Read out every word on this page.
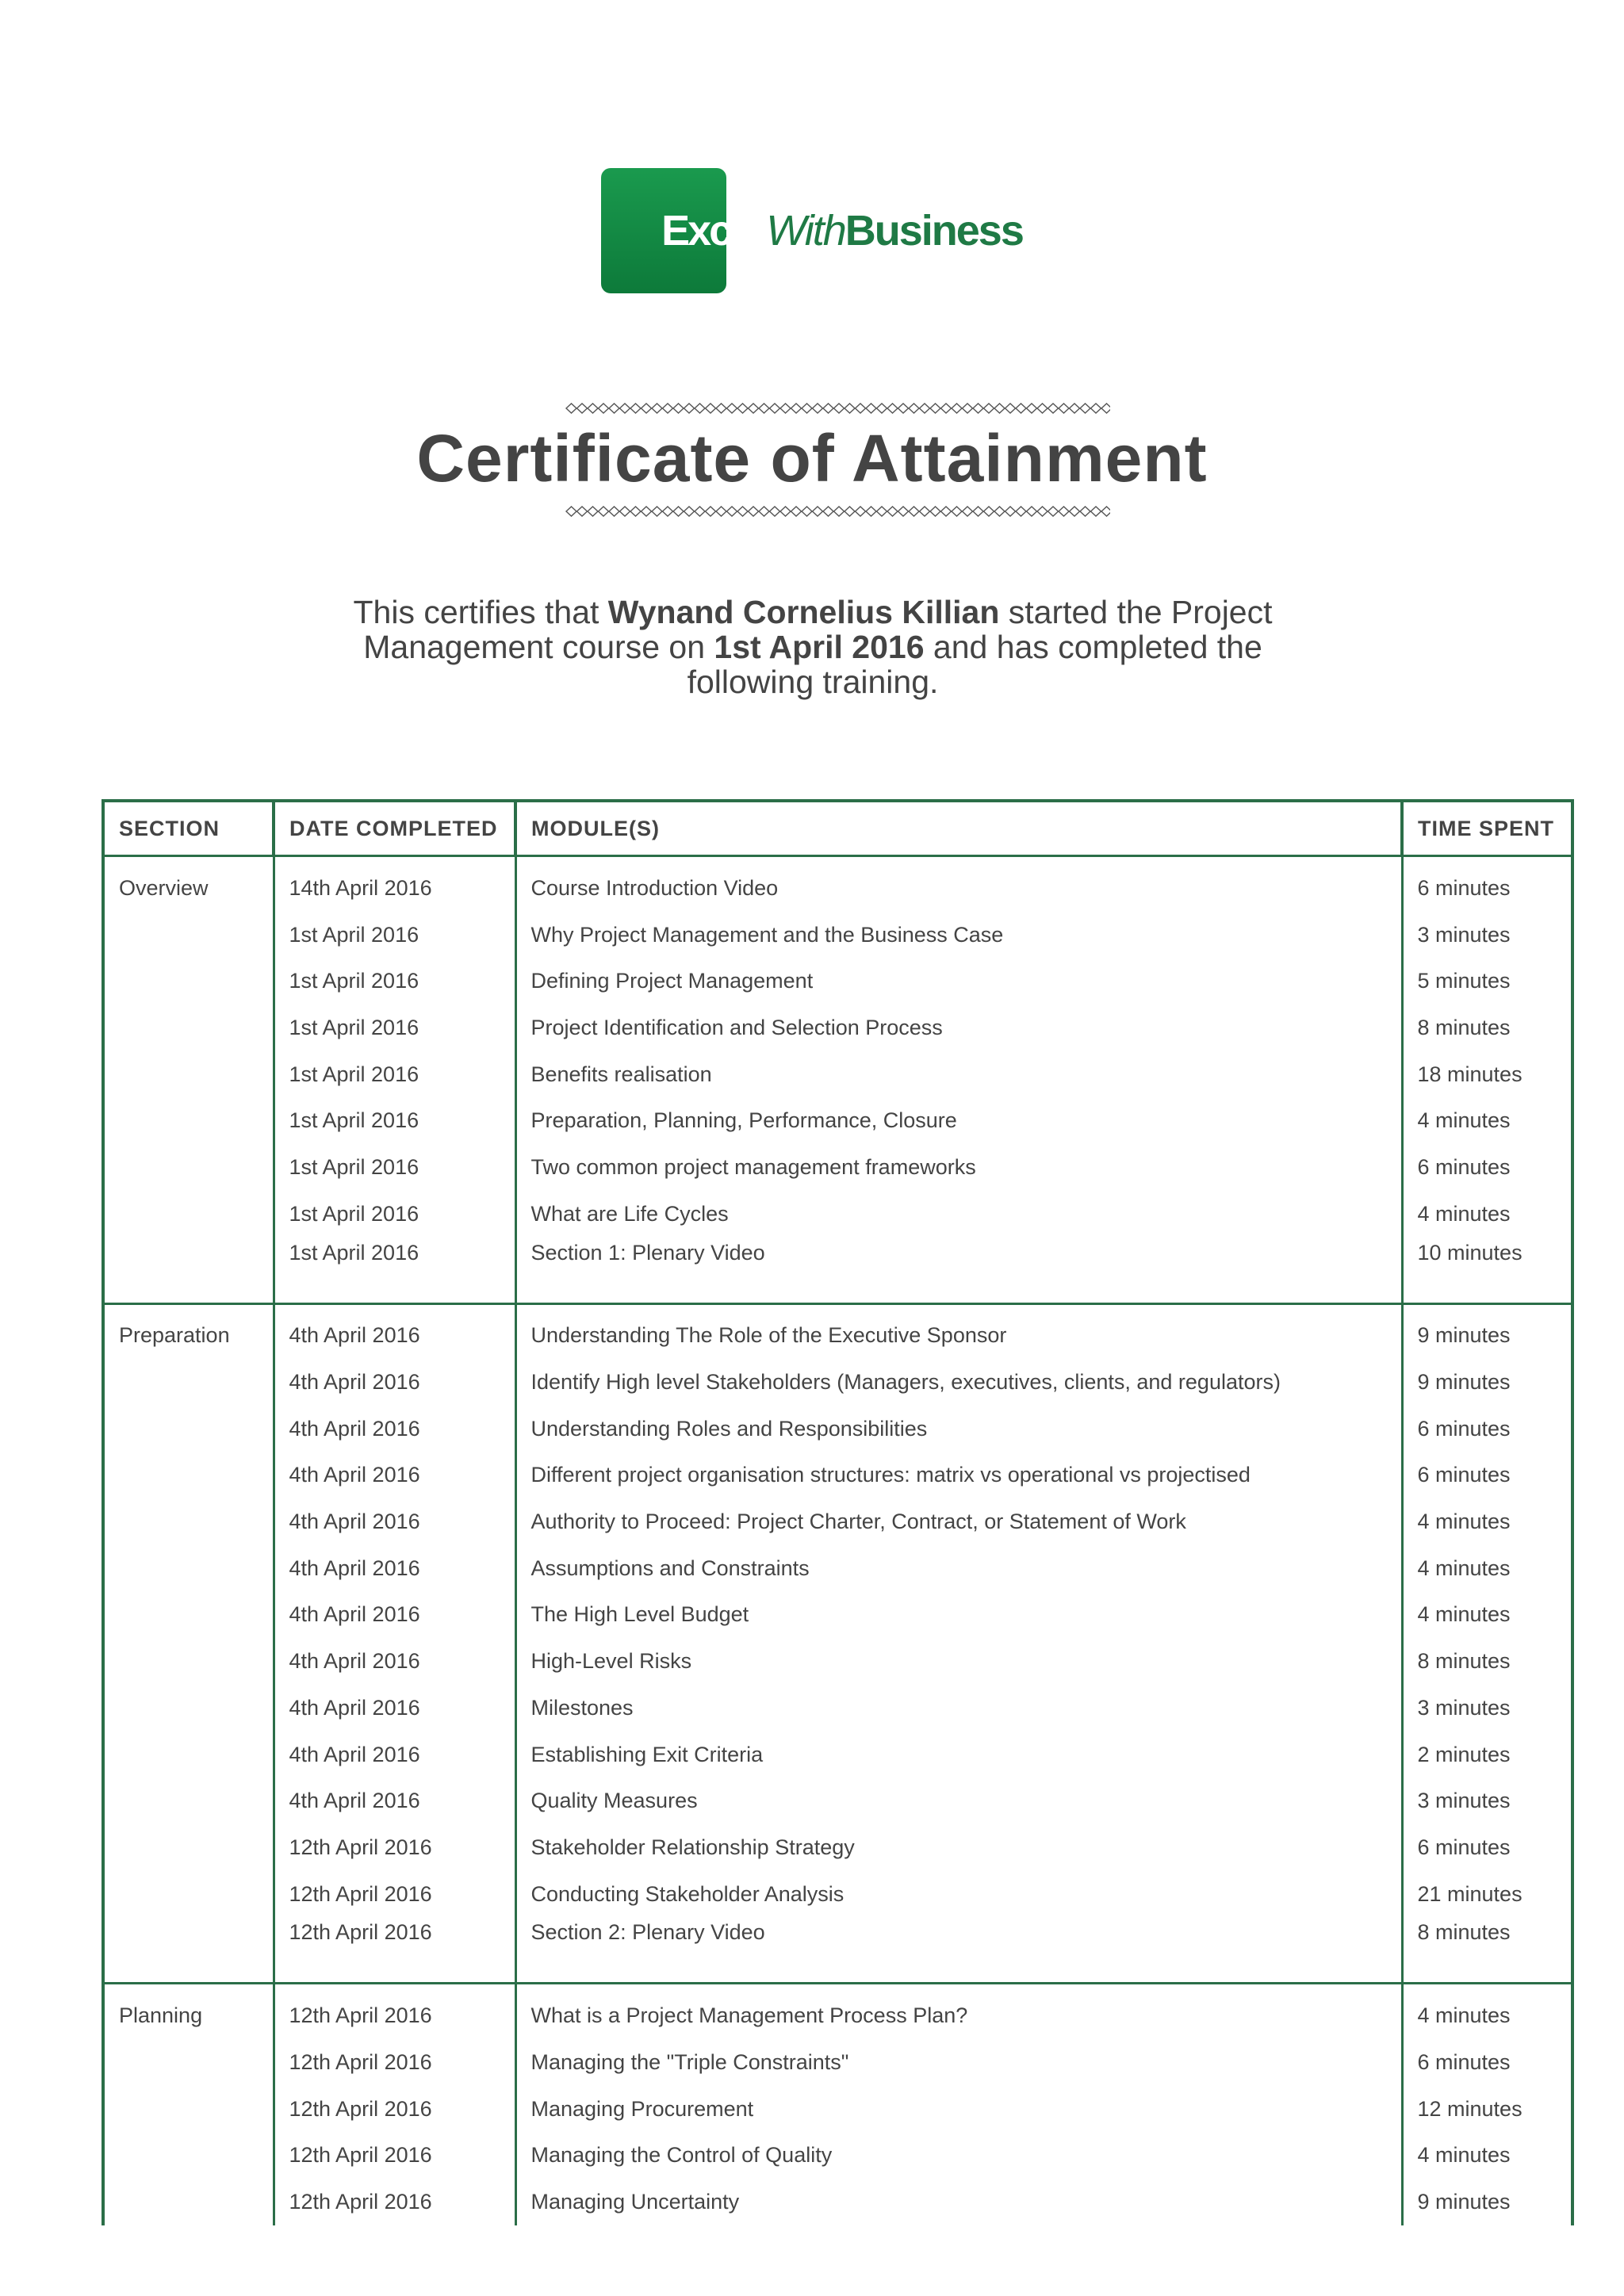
Excel With Business
Certificate of Attainment
This certifies that Wynand Cornelius Killian started the Project Management course on 1st April 2016 and has completed the following training.
SECTION	DATE COMPLETED	MODULE(S)	TIME SPENT
Overview	14th April 2016	Course Introduction Video	6 minutes
	1st April 2016	Why Project Management and the Business Case	3 minutes
	1st April 2016	Defining Project Management	5 minutes
	1st April 2016	Project Identification and Selection Process	8 minutes
	1st April 2016	Benefits realisation	18 minutes
	1st April 2016	Preparation, Planning, Performance, Closure	4 minutes
	1st April 2016	Two common project management frameworks	6 minutes
	1st April 2016	What are Life Cycles	4 minutes
	1st April 2016	Section 1: Plenary Video	10 minutes
Preparation	4th April 2016	Understanding The Role of the Executive Sponsor	9 minutes
	4th April 2016	Identify High level Stakeholders (Managers, executives, clients, and regulators)	9 minutes
	4th April 2016	Understanding Roles and Responsibilities	6 minutes
	4th April 2016	Different project organisation structures: matrix vs operational vs projectised	6 minutes
	4th April 2016	Authority to Proceed: Project Charter, Contract, or Statement of Work	4 minutes
	4th April 2016	Assumptions and Constraints	4 minutes
	4th April 2016	The High Level Budget	4 minutes
	4th April 2016	High-Level Risks	8 minutes
	4th April 2016	Milestones	3 minutes
	4th April 2016	Establishing Exit Criteria	2 minutes
	4th April 2016	Quality Measures	3 minutes
	12th April 2016	Stakeholder Relationship Strategy	6 minutes
	12th April 2016	Conducting Stakeholder Analysis	21 minutes
	12th April 2016	Section 2: Plenary Video	8 minutes
Planning	12th April 2016	What is a Project Management Process Plan?	4 minutes
	12th April 2016	Managing the "Triple Constraints"	6 minutes
	12th April 2016	Managing Procurement	12 minutes
	12th April 2016	Managing the Control of Quality	4 minutes
	12th April 2016	Managing Uncertainty	9 minutes
